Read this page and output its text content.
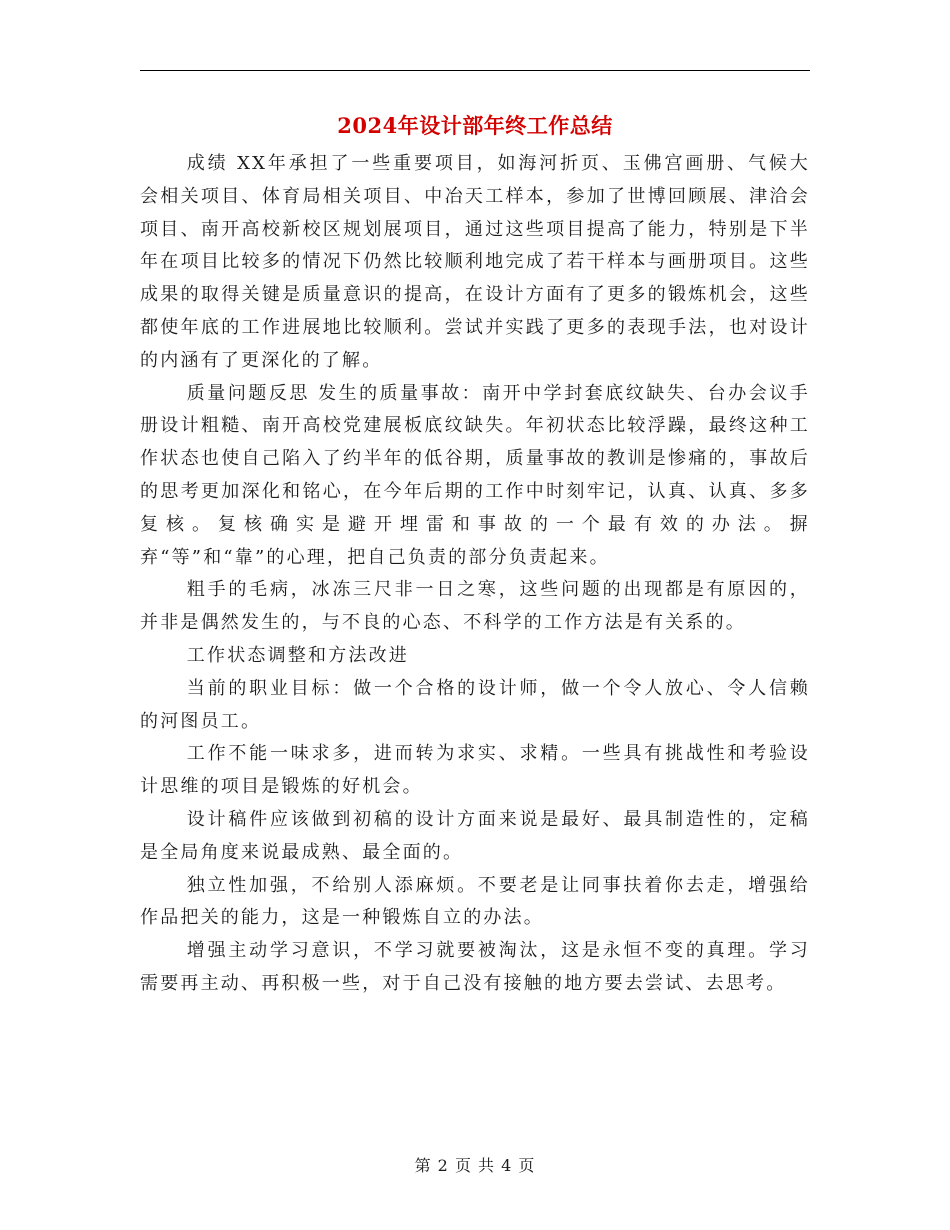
2024年设计部年终工作总结

成绩 XX年承担了一些重要项目，如海河折页、玉佛宫画册、气候大会相关项目、体育局相关项目、中冶天工样本，参加了世博回顾展、津洽会项目、南开高校新校区规划展项目，通过这些项目提高了能力，特别是下半年在项目比较多的情况下仍然比较顺利地完成了若干样本与画册项目。这些成果的取得关键是质量意识的提高，在设计方面有了更多的锻炼机会，这些都使年底的工作进展地比较顺利。尝试并实践了更多的表现手法，也对设计的内涵有了更深化的了解。

质量问题反思 发生的质量事故：南开中学封套底纹缺失、台办会议手册设计粗糙、南开高校党建展板底纹缺失。年初状态比较浮躁，最终这种工作状态也使自己陷入了约半年的低谷期，质量事故的教训是惨痛的，事故后的思考更加深化和铭心，在今年后期的工作中时刻牢记，认真、认真、多多复核。复核确实是避开埋雷和事故的一个最有效的办法。摒弃“等”和“靠”的心理，把自己负责的部分负责起来。

粗手的毛病，冰冻三尺非一日之寒，这些问题的出现都是有原因的，并非是偶然发生的，与不良的心态、不科学的工作方法是有关系的。

工作状态调整和方法改进

当前的职业目标：做一个合格的设计师，做一个令人放心、令人信赖的河图员工。

工作不能一味求多，进而转为求实、求精。一些具有挑战性和考验设计思维的项目是锻炼的好机会。

设计稿件应该做到初稿的设计方面来说是最好、最具制造性的，定稿是全局角度来说最成熟、最全面的。

独立性加强，不给别人添麻烦。不要老是让同事扶着你去走，增强给作品把关的能力，这是一种锻炼自立的办法。

增强主动学习意识，不学习就要被淘汰，这是永恒不变的真理。学习需要再主动、再积极一些，对于自己没有接触的地方要去尝试、去思考。

第 2 页 共 4 页
